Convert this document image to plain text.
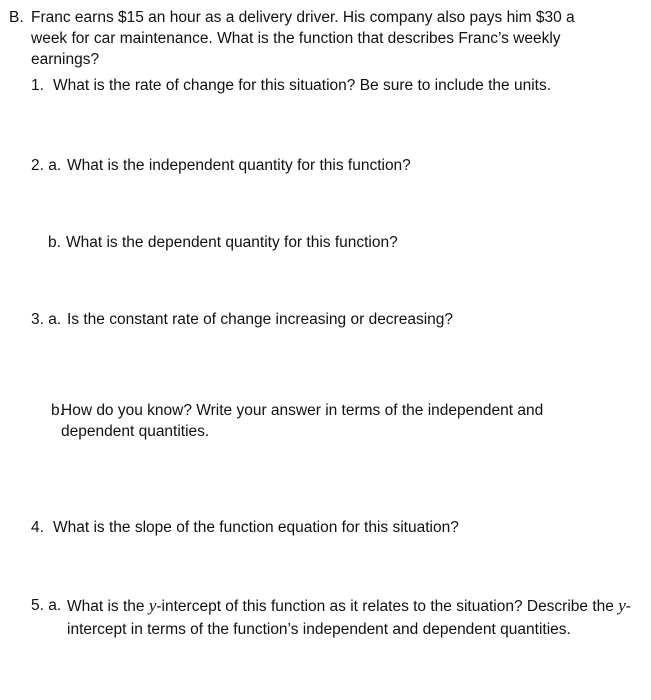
B. Franc earns $15 an hour as a delivery driver. His company also pays him $30 a week for car maintenance. What is the function that describes Franc’s weekly earnings?
1. What is the rate of change for this situation? Be sure to include the units.
2. a. What is the independent quantity for this function?
b. What is the dependent quantity for this function?
3. a. Is the constant rate of change increasing or decreasing?
b.
How do you know? Write your answer in terms of the independent and dependent quantities.
4. What is the slope of the function equation for this situation?
5. a. What is the y-intercept of this function as it relates to the situation? Describe the y-intercept in terms of the function’s independent and dependent quantities.
